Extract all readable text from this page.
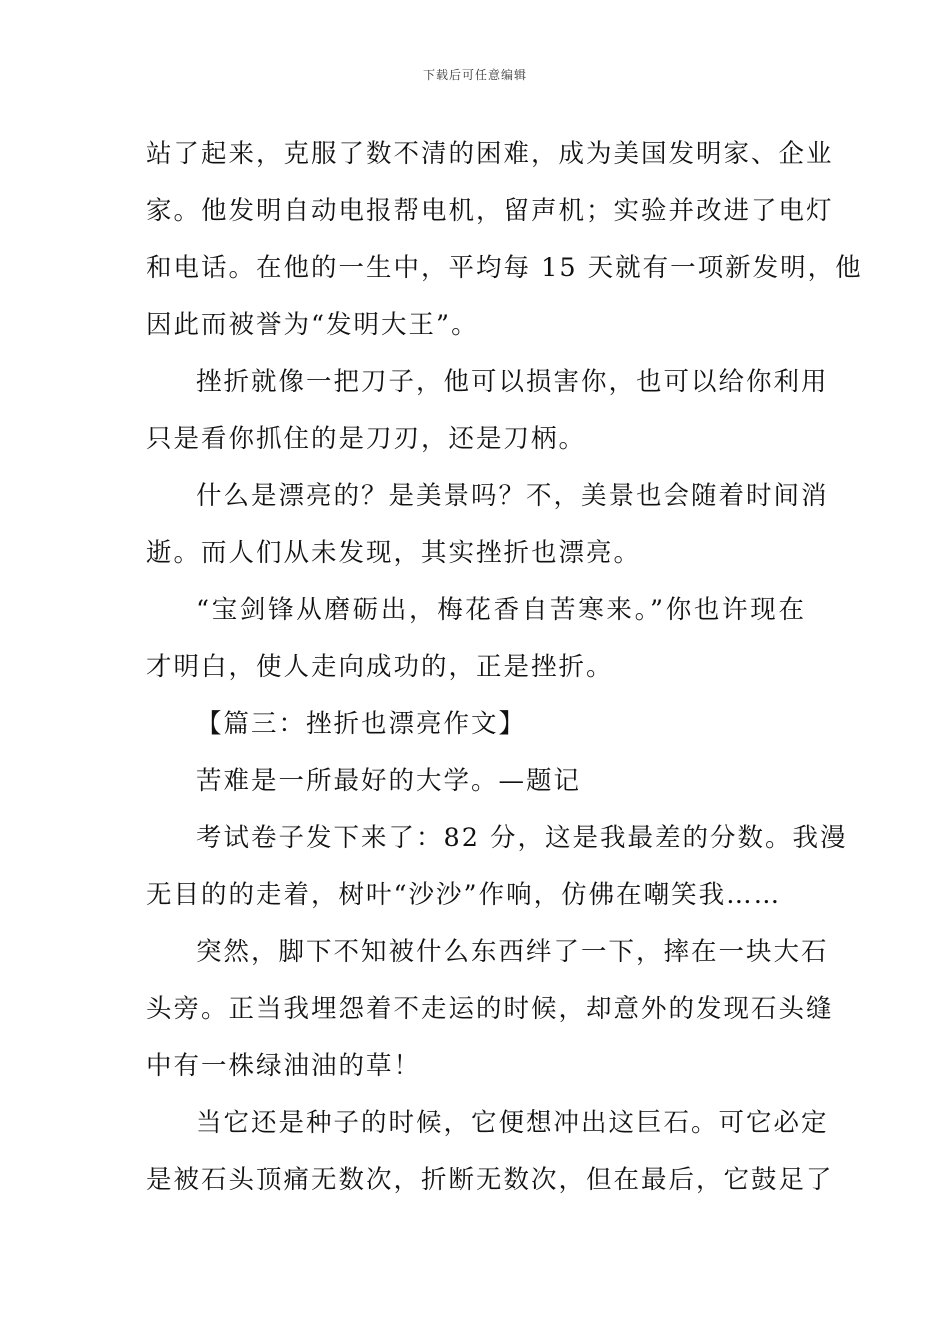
下载后可任意编辑
站了起来，克服了数不清的困难，成为美国发明家、企业
家。他发明自动电报帮电机，留声机；实验并改进了电灯
和电话。在他的一生中，平均每 15 天就有一项新发明，他
因此而被誉为“发明大王”。
挫折就像一把刀子，他可以损害你，也可以给你利用
只是看你抓住的是刀刃，还是刀柄。
什么是漂亮的？是美景吗？不，美景也会随着时间消
逝。而人们从未发现，其实挫折也漂亮。
“宝剑锋从磨砺出，梅花香自苦寒来。”你也许现在
才明白，使人走向成功的，正是挫折。
【篇三：挫折也漂亮作文】
苦难是一所最好的大学。—题记
考试卷子发下来了：82 分，这是我最差的分数。我漫
无目的的走着，树叶“沙沙”作响，仿佛在嘲笑我……
突然，脚下不知被什么东西绊了一下，摔在一块大石
头旁。正当我埋怨着不走运的时候，却意外的发现石头缝
中有一株绿油油的草！
当它还是种子的时候，它便想冲出这巨石。可它必定
是被石头顶痛无数次，折断无数次，但在最后，它鼓足了
